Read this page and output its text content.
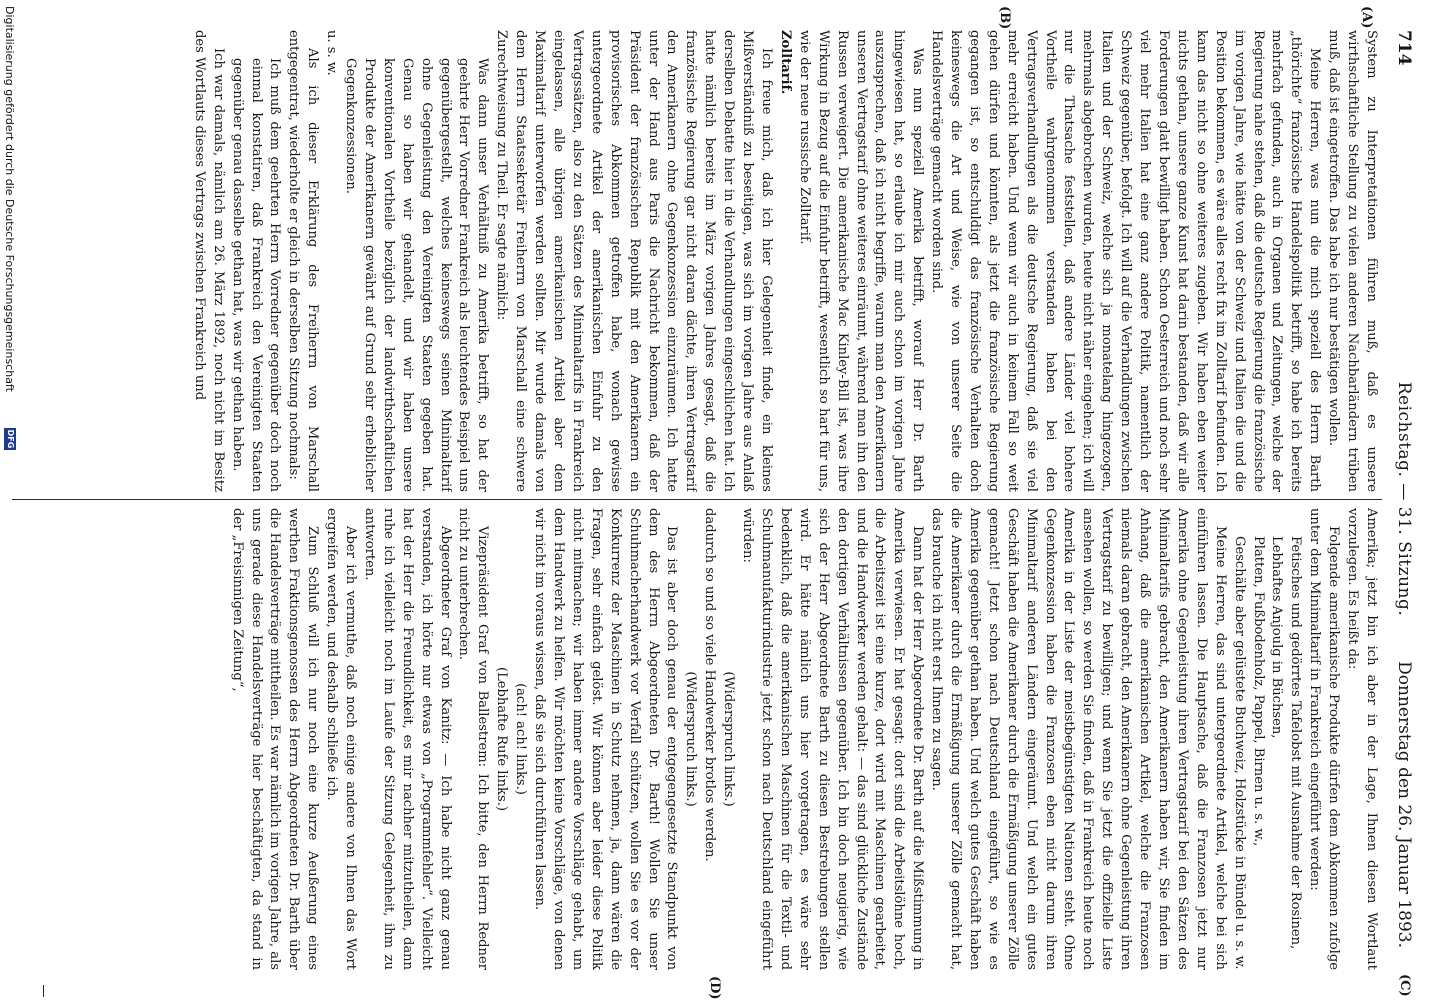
714
Reichstag. — 31. Sitzung.
Donnerstag den 26. Januar 1893.
(A)
(B)
(C)
(D)

System zu Interpretationen führen muß, daß es unsere wirthschaftliche Stellung zu vielen anderen Nachbarländern trüben muß, daß ist eingetroffen. Das habe ich nur bestätigen wollen.

Meine Herren, was nun die mich speziell des Herrn Barth „thörichte“ französische Handelspolitik betrifft, so habe ich bereits mehrfach gefunden, auch in Organen und Zeitungen, welche der Regierung nahe stehen, daß die deutsche Regierung die französische im vorigen Jahre, wie hätte von der Schweiz und Italien die und die Position bekommen, es wäre alles recht fix im Zolltarif befunden. Ich kann das nicht so ohne weiteres zugeben. Wir haben eben weiter nichts gethan, unsere ganze Kunst hat darin bestanden, daß wir alle Forderungen glatt bewilligt haben. Schon Oesterreich und noch sehr viel mehr Italien hat eine ganz andere Politik, namentlich der Schweiz gegenüber, befolgt. Ich will auf die Verhandlungen zwischen Italien und der Schweiz, welche sich ja monatelang hingezogen, mehrmals abgebrochen wurden, heute nicht näher eingehen; ich will nur die Thatsache feststellen, daß andere Länder viel hohere Vortheile wahrgenommen verstanden haben bei den Vertragsverhandlungen als die deutsche Regierung, daß sie viel mehr erreicht haben. Und wenn wir auch in keinem Fall so weit gehen dürfen und könnten, als jetzt die französische Regierung gegangen ist, so entschuldigt das französische Verhalten doch keineswegs die Art und Weise, wie von unserer Seite die Handelsverträge gemacht worden sind.

Was nun speziell Amerika betrifft, worauf Herr Dr. Barth hingewiesen hat, so erlaube ich mir auch schon im vorigen Jahre auszusprechen, daß ich nicht begriffe, warum man den Amerikanern unseren Vertragstarif ohne weiteres einräumt, während man ihn den Russen verweigert. Die amerikanische Mac Kinley-Bill ist, was ihre Wirkung in Bezug auf die Einfuhr betrifft, wesentlich so hart für uns, wie der neue russische Zolltarif.

Zolltarif.

Ich freue mich, daß ich hier Gelegenheit finde, ein kleines Mißverständniß zu beseitigen, was sich im vorigen Jahre aus Anlaß derselben Debatte hier in die Verhandlungen eingeschlichen hat. Ich hatte nämlich bereits im März vorigen Jahres gesagt, daß die französische Regierung gar nicht daran dächte, ihren Vertragstarif den Amerikanern ohne Gegenkonzession einzuräumen. Ich hatte unter der Hand aus Paris die Nachricht bekommen, daß der Präsident der französischen Republik mit den Amerikanern ein provisorisches Abkommen getroffen habe, wonach gewisse untergeordnete Artikel der amerikanischen Einfuhr zu den Vertragssätzen, also zu den Sätzen des Minimaltarifs in Frankreich eingelassen, alle übrigen amerikanischen Artikel aber dem Maximaltarif unterworfen werden sollten. Mir wurde damals von dem Herrn Staatssekretär Freiherrn von Marschall eine schwere Zurechtweisung zu Theil. Er sagte nämlich:

Was dann unser Verhältniß zu Amerika betrifft, so hat der geehrte Herr Vorredner Frankreich als leuchtendes Beispiel uns gegenübergestellt, welches keineswegs seinen Minimaltarif ohne Gegenleistung den Vereinigten Staaten gegeben hat. Genau so haben wir gehandelt, und wir haben unsere konventionalen Vortheile bezüglich der landwirthschaftlichen Produkte der Amerikanern gewährt auf Grund sehr erheblicher Gegenkonzessionen.

u. s. w.

Als ich dieser Erklärung des Freiherrn von Marschall entgegentrat, wiederholte er gleich in derselben Sitzung nochmals:

Ich muß dem geehrten Herrn Vorredner gegenüber doch noch einmal konstatiren, daß Frankreich den Vereinigten Staaten gegenüber genau dasselbe gethan hat, was wir gethan haben.

Ich war damals, nämlich am 26. März 1892, noch nicht im Besitz des Wortlauts dieses Vertrags zwischen Frankreich und

Amerika; jetzt bin ich aber in der Lage, Ihnen diesen Wortlaut vorzulegen. Es heißt da:

Folgende amerikanische Produkte dürfen dem Abkommen zufolge unter dem Minimaltarif in Frankreich eingeführt werden:

Fetisches und gedörrtes Tafelobst mit Ausnahme der Rosinen,

Lebhaftes Anjoulg in Büchsen,

Platten, Fußbodenholz, Pappel, Birnen u. s. w.,

Geschälte aber gelüstete Buchweiz, Holzstücke in Bündel u. s. w.

Meine Herren, das sind untergeordnete Artikel, welche bei sich einführen lassen. Die Hauptsache, daß die Franzosen jetzt nur Amerika ohne Gegenleistung ihren Vertragstarif bei den Sätzen des Minimaltarifs gebracht, den Amerikanern haben wir, Sie finden im Anhang, daß die amerikanischen Artikel, welche die Franzosen niemals daran gebracht, den Amerikanern ohne Gegenleistung ihren Vertragstarif zu bewilligen; und wenn Sie jetzt die offizielle Liste ansehen wollen, so werden Sie finden, daß in Frankreich heute noch Amerika in der Liste der meistbegünstigten Nationen steht. Ohne Gegenkonzession haben die Franzosen eben nicht darum ihren Minimaltarif anderen Ländern eingeräumt. Und welch ein gutes Geschäft haben die Amerikaner durch die Ermäßigung unserer Zölle gemacht! Jetzt schon nach Deutschland eingeführt, so wie es Amerika gegenüber gethan haben. Und welch gutes Geschäft haben die Amerikaner durch die Ermäßigung unserer Zölle gemacht hat, das brauche ich nicht erst Ihnen zu sagen.

Dann hat der Herr Abgeordnete Dr. Barth auf die Mißstimmung in Amerika verwiesen. Er hat gesagt: dort sind die Arbeitslöhne hoch, die Arbeitszeit ist eine kurze, dort wird mit Maschinen gearbeitet, und die Handwerker werden gehalt: — das sind glückliche Zustände den dortigen Verhältnissen gegenüber. Ich bin doch neugierig, wie sich der Herr Abgeordnete Barth zu diesen Bestrebungen stellen wird. Er hätte nämlich uns hier vorgetragen, es wäre sehr bedenklich, daß die amerikanischen Maschinen für die Textil- und Schuhmanufakturindustrie jetzt schon nach Deutschland eingeführt würden:

(Widerspruch links.)

dadurch so und so viele Handwerker brotlos werden.

(Widerspruch links.)

Das ist aber doch genau der entgegengesetzte Standpunkt von dem des Herrn Abgeordneten Dr. Barth! Wollen Sie unser Schuhmacherhandwerk vor Verfall schützen, wollen Sie es vor der Konkurrenz der Maschinen in Schutz nehmen, ja, dann wären die Fragen, sehr einfach gelöst. Wir können aber leider diese Politik nicht mitmachen; wir haben immer andere Vorschläge gehabt, um dem Handwerk zu helfen. Wir möchten keine Vorschläge, von denen wir nicht im voraus wissen, daß sie sich durchführen lassen.

(ach! ach! links.)

(Lebhafte Rufe links.)

Vizepräsident Graf von Ballestrem: Ich bitte, den Herrn Redner nicht zu unterbrechen.

Abgeordneter Graf von Kanitz: — Ich habe nicht ganz genau verstanden, ich hörte nur etwas von „Programmfehler“. Vielleicht hat der Herr die Freundlichkeit, es mir nachher mitzutheilen, dann ruhe ich vielleicht noch im Laufe der Sitzung Gelegenheit, ihm zu antworten.

Aber ich vermuthe, daß noch einige andere von Ihnen das Wort ergreifen werden, und deshalb schließe ich.

Zum Schluß will ich nur noch eine kurze Aeußerung eines werthen Fraktionsgenossen des Herrn Abgeordneten Dr. Barth über die Handelsverträge mittheilen. Es war nämlich im vorigen Jahre, als uns gerade diese Handelsverträge hier beschäftigten, da stand in der „Freisinnigen Zeitung“,

Digitalisierung gefördert durch die Deutsche Forschungsgemeinschaft
DFG
